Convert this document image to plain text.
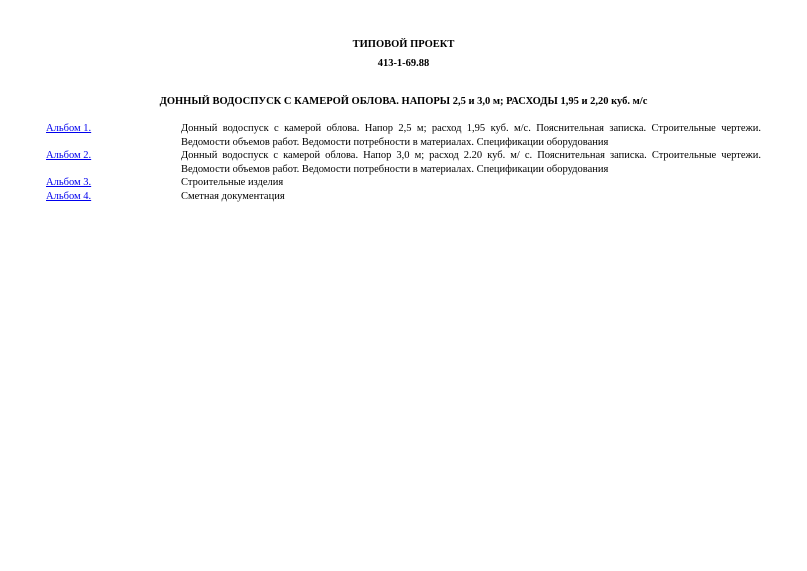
ТИПОВОЙ ПРОЕКТ
413-1-69.88
ДОННЫЙ ВОДОСПУСК С КАМЕРОЙ ОБЛОВА. НАПОРЫ 2,5 и 3,0 м; РАСХОДЫ 1,95 и 2,20 куб. м/с
Альбом 1.	Донный водоспуск с камерой облова. Напор 2,5 м; расход 1,95 куб. м/с. Пояснительная записка. Строительные чертежи. Ведомости объемов работ. Ведомости потребности в материалах. Спецификации оборудования
Альбом 2.	Донный водоспуск с камерой облова. Напор 3,0 м; расход 2.20 куб. м/ с. Пояснительная записка. Строительные чертежи. Ведомости объемов работ. Ведомости потребности в материалах. Спецификации оборудования
Альбом 3.	Строительные изделия
Альбом 4.	Сметная документация
